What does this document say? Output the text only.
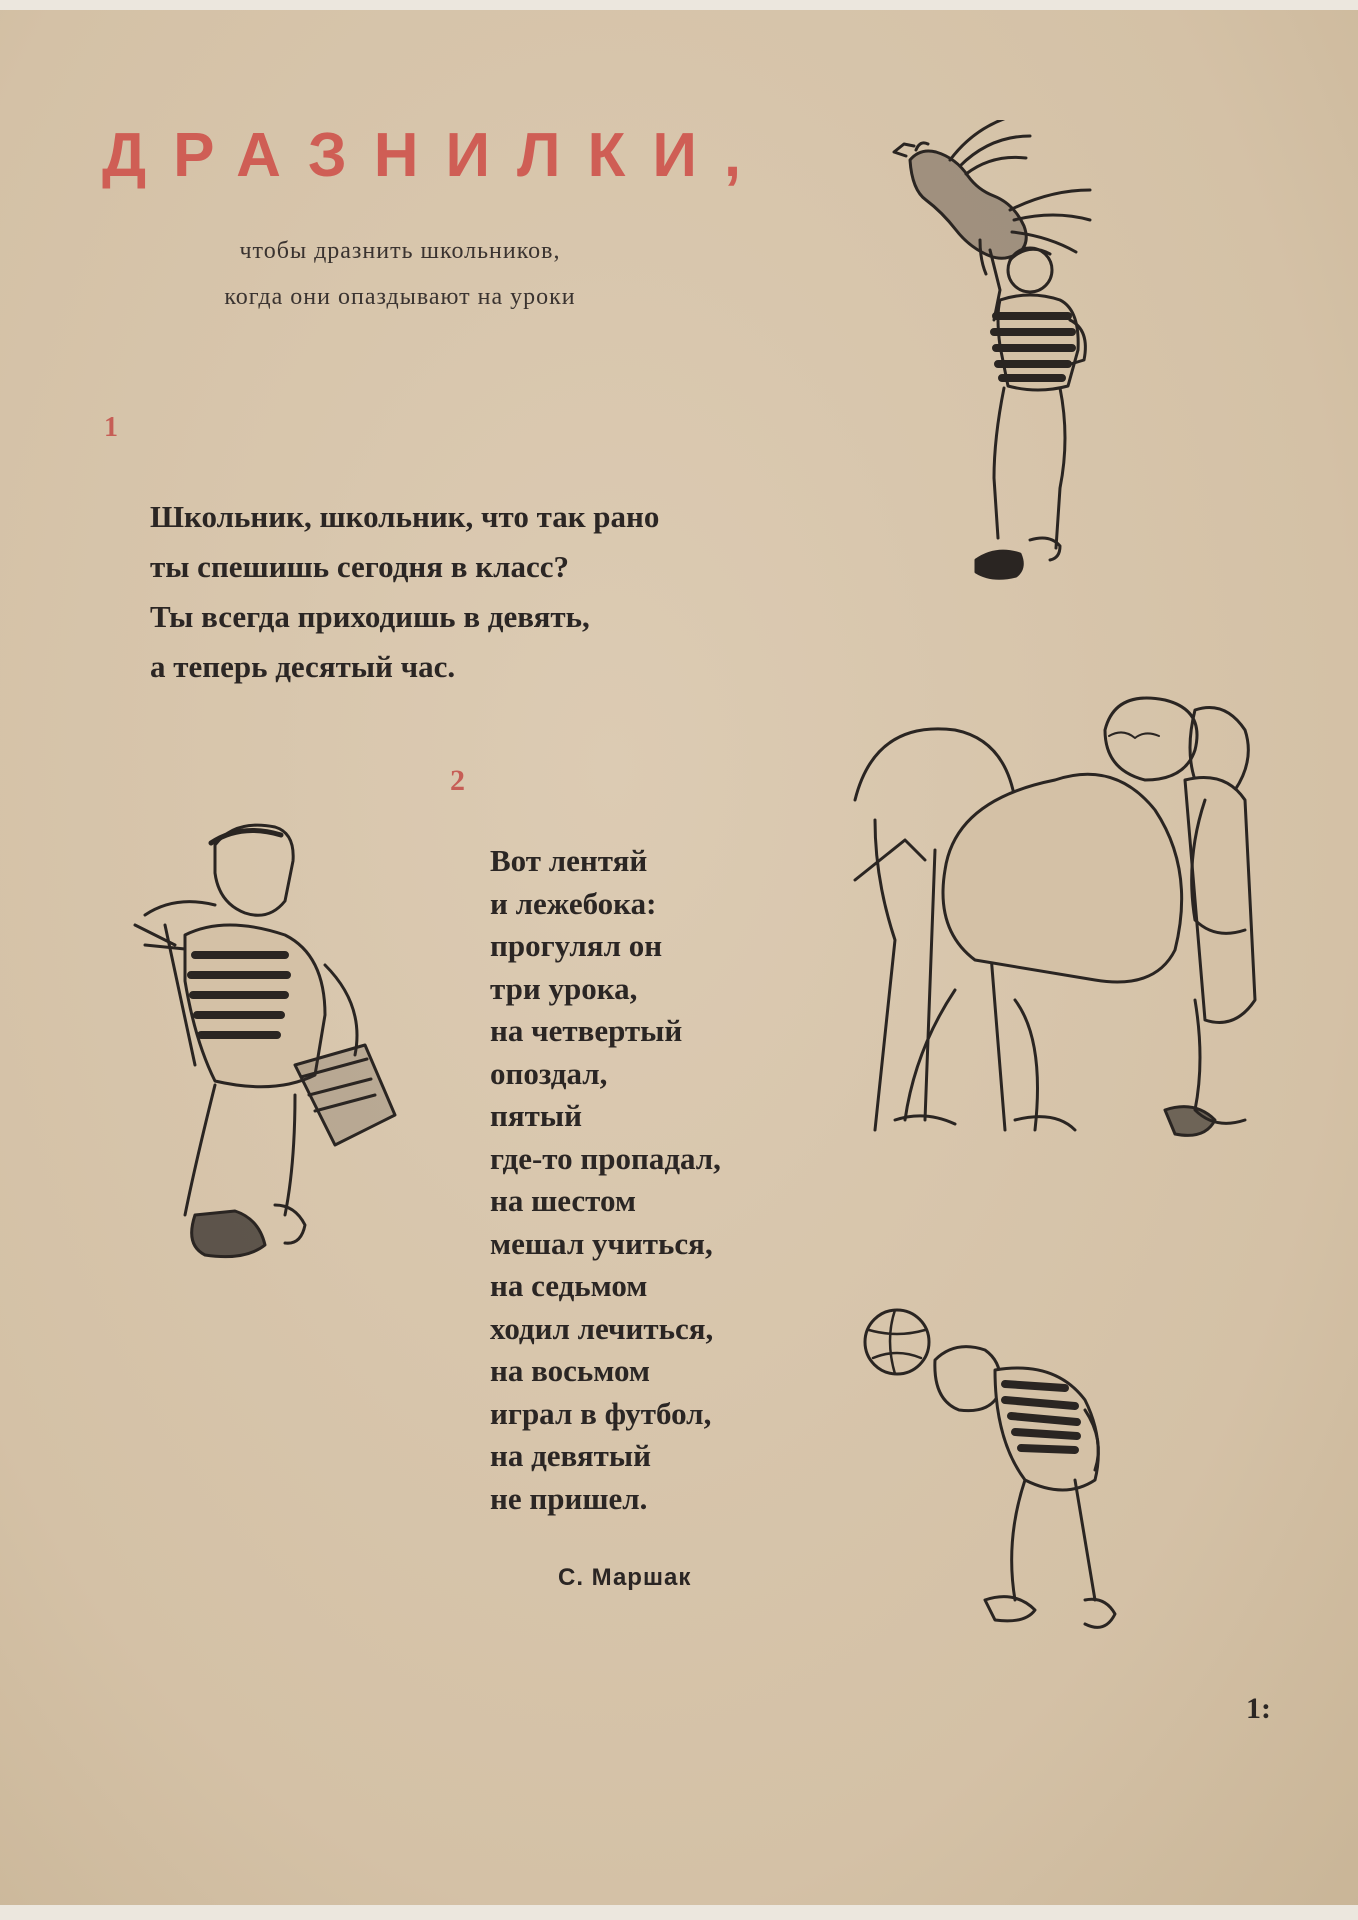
ДРАЗНИЛКИ,
чтобы дразнить школьников,
когда они опаздывают на уроки
1
Школьник, школьник, что так рано
ты спешишь сегодня в класс?
Ты всегда приходишь в девять,
а теперь десятый час.
2
Вот лентяй
и лежебока:
прогулял он
три урока,
на четвертый
опоздал,
пятый
где-то пропадал,
на шестом
мешал учиться,
на седьмом
ходил лечиться,
на восьмом
играл в футбол,
на девятый
не пришел.
С. Маршак
1:
